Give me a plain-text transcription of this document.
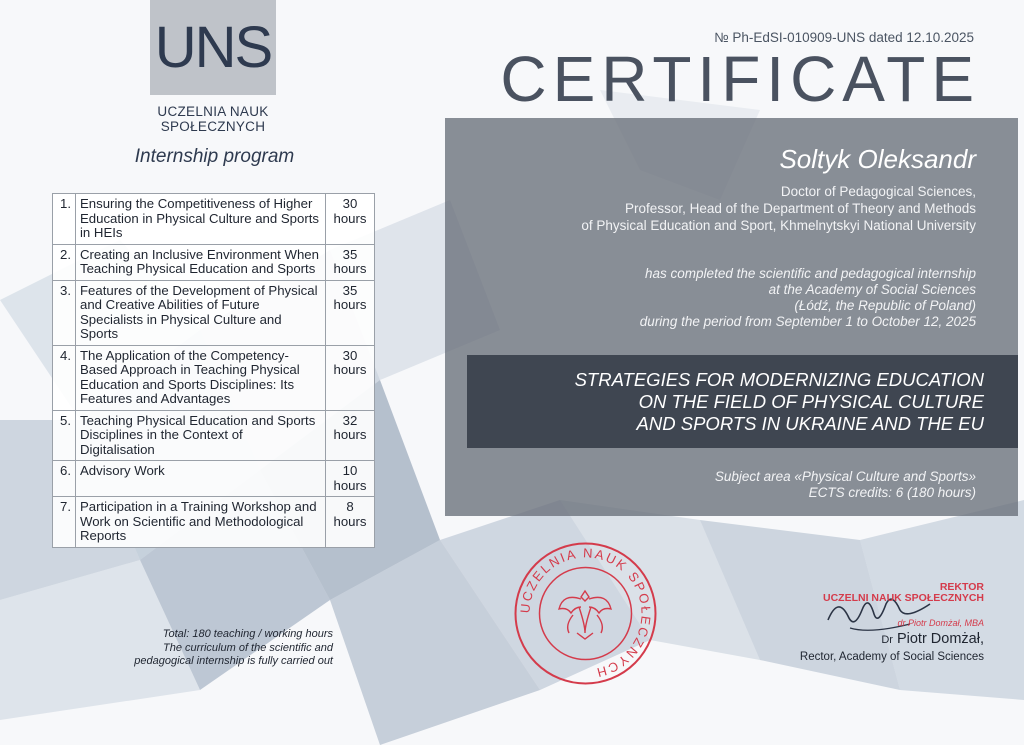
UNS
UCZELNIA NAUK SPOŁECZNYCH
Internship program
1.	Ensuring the Competitiveness of Higher Education in Physical Culture and Sports in HEIs	30
hours

2.	Creating an Inclusive Environment When Teaching Physical Education and Sports	35
hours

3.	Features of the Development of Physical and Creative Abilities of Future Specialists in Physical Culture and Sports	35
hours

4.	The Application of the Competency-Based Approach in Teaching Physical Education and Sports Disciplines: Its Features and Advantages	30
hours

5.	Teaching Physical Education and Sports Disciplines in the Context of Digitalisation	32
hours

6.	Advisory Work	10
hours

7.	Participation in a Training Workshop and Work on Scientific and Methodological Reports	8
hours
Total: 180 teaching / working hours
The curriculum of the scientific and
pedagogical internship is fully carried out
№ Ph-EdSI-010909-UNS dated 12.10.2025
CERTIFICATE
Soltyk Oleksandr
Doctor of Pedagogical Sciences,
Professor, Head of the Department of Theory and Methods
of Physical Education and Sport, Khmelnytskyi National University
has completed the scientific and pedagogical internship
at the Academy of Social Sciences
(Łódź, the Republic of Poland)
during the period from September 1 to October 12, 2025
STRATEGIES FOR MODERNIZING EDUCATION
ON THE FIELD OF PHYSICAL CULTURE
AND SPORTS IN UKRAINE AND THE EU
Subject area «Physical Culture and Sports»
ECTS credits: 6 (180 hours)
UCZELNIA NAUK SPOŁECZNYCH
REKTOR
UCZELNI NAUK SPOŁECZNYCH
dr Piotr Domżał, MBA
Dr Piotr Domżał,
Rector, Academy of Social Sciences
